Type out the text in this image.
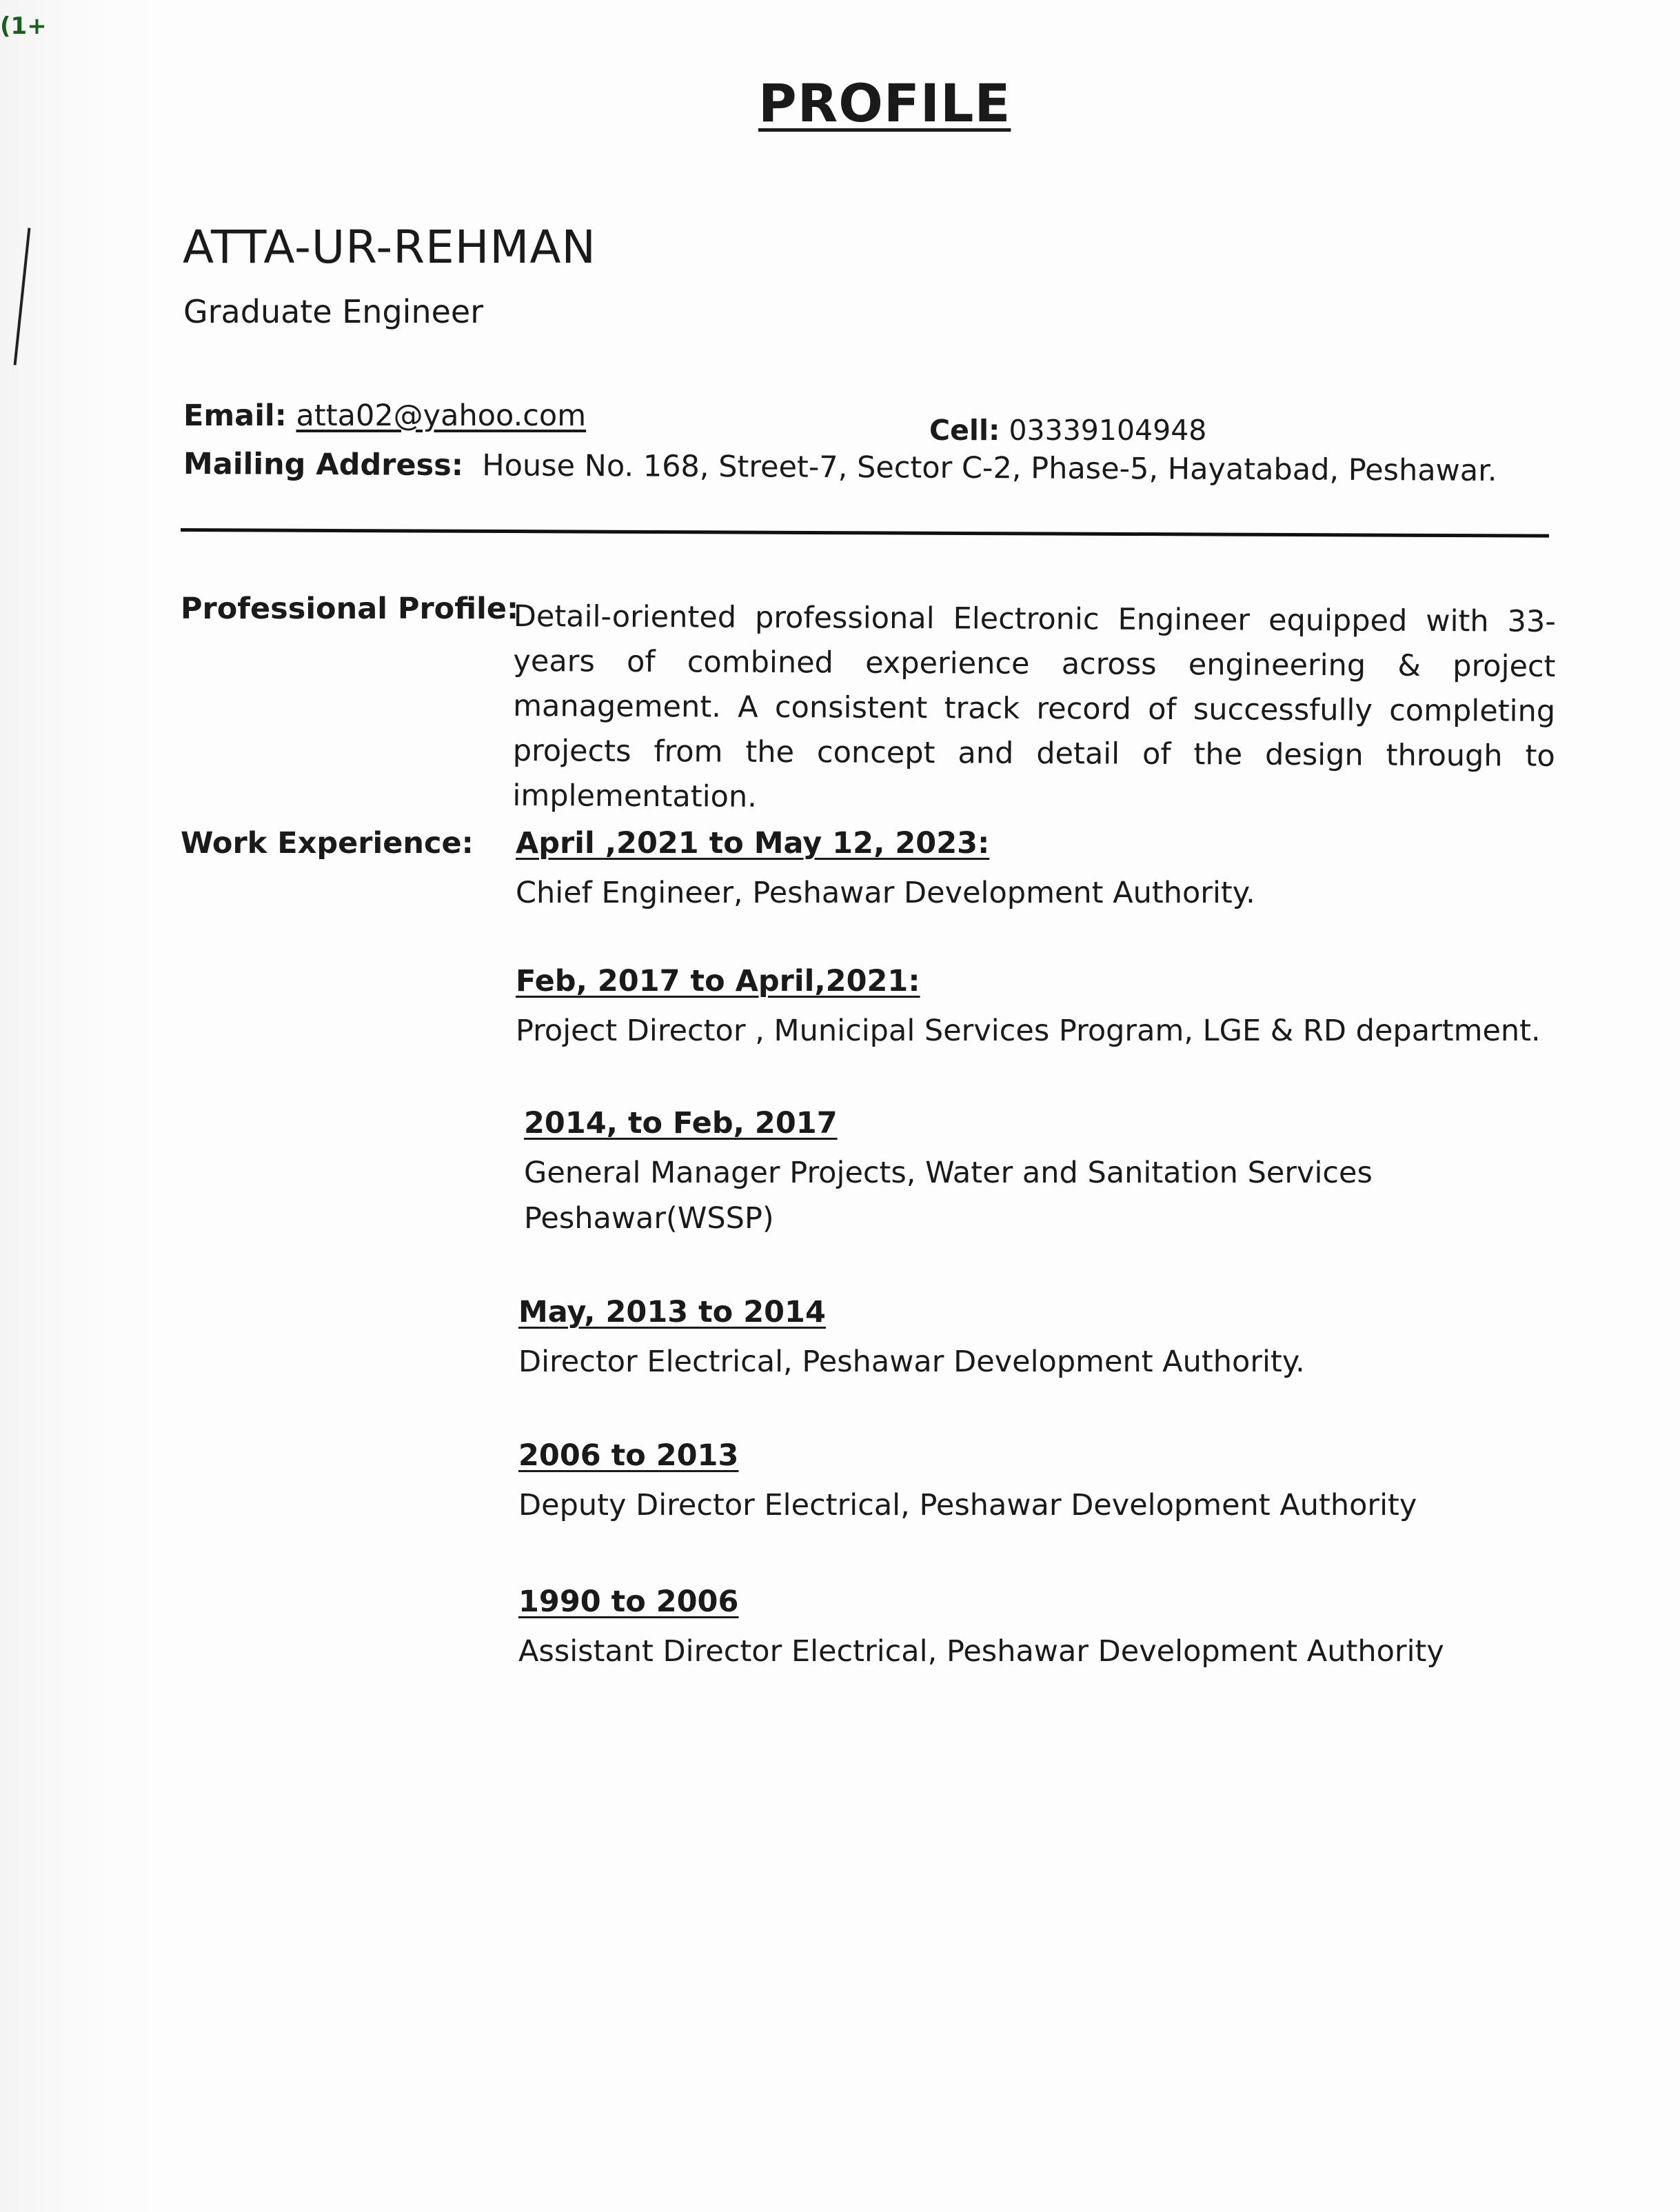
(1+
PROFILE
ATTA-UR-REHMAN
Graduate Engineer
Email: atta02@yahoo.com	Cell: 03339104948
Mailing Address: House No. 168, Street-7, Sector C-2, Phase-5, Hayatabad, Peshawar.
Professional Profile:
Detail-oriented professional Electronic Engineer equipped with 33-years of combined experience across engineering & project management. A consistent track record of successfully completing projects from the concept and detail of the design through to implementation.
Work Experience: April ,2021 to May 12, 2023:
Chief Engineer, Peshawar Development Authority.
Feb, 2017 to April,2021:
Project Director , Municipal Services Program, LGE & RD department.
2014, to Feb, 2017
General Manager Projects, Water and Sanitation Services Peshawar(WSSP)
May, 2013 to 2014
Director Electrical, Peshawar Development Authority.
2006 to 2013
Deputy Director Electrical, Peshawar Development Authority
1990 to 2006
Assistant Director Electrical, Peshawar Development Authority
